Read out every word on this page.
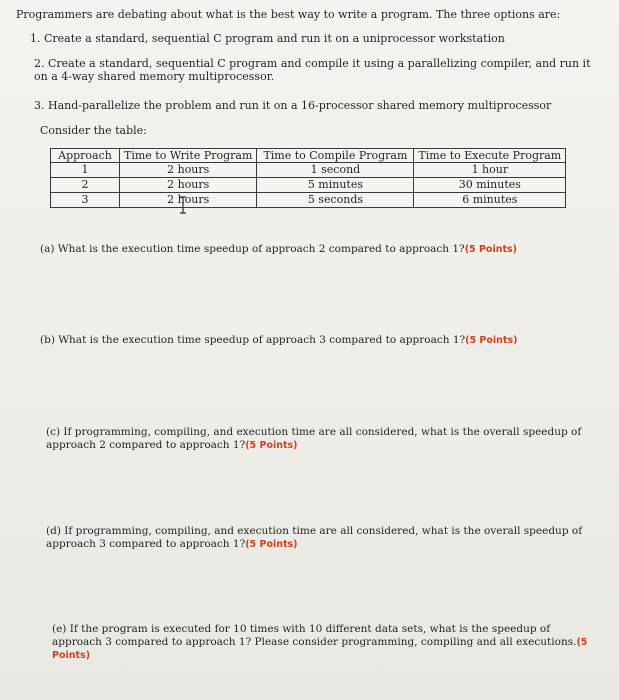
Programmers are debating about what is the best way to write a program. The three options are:
1. Create a standard, sequential C program and run it on a uniprocessor workstation
2. Create a standard, sequential C program and compile it using a parallelizing compiler, and run it on a 4-way shared memory multiprocessor.
3. Hand-parallelize the problem and run it on a 16-processor shared memory multiprocessor
Consider the table:
Approach	Time to Write Program	Time to Compile Program	Time to Execute Program
1	2 hours	1 second	1 hour
2	2 hours	5 minutes	30 minutes
3	2 hours	5 seconds	6 minutes
(a) What is the execution time speedup of approach 2 compared to approach 1?(5 Points)
(b) What is the execution time speedup of approach 3 compared to approach 1?(5 Points)
(c) If programming, compiling, and execution time are all considered, what is the overall speedup of approach 2 compared to approach 1?(5 Points)
(d) If programming, compiling, and execution time are all considered, what is the overall speedup of approach 3 compared to approach 1?(5 Points)
(e) If the program is executed for 10 times with 10 different data sets, what is the speedup of approach 3 compared to approach 1? Please consider programming, compiling and all executions.(5 Points)
